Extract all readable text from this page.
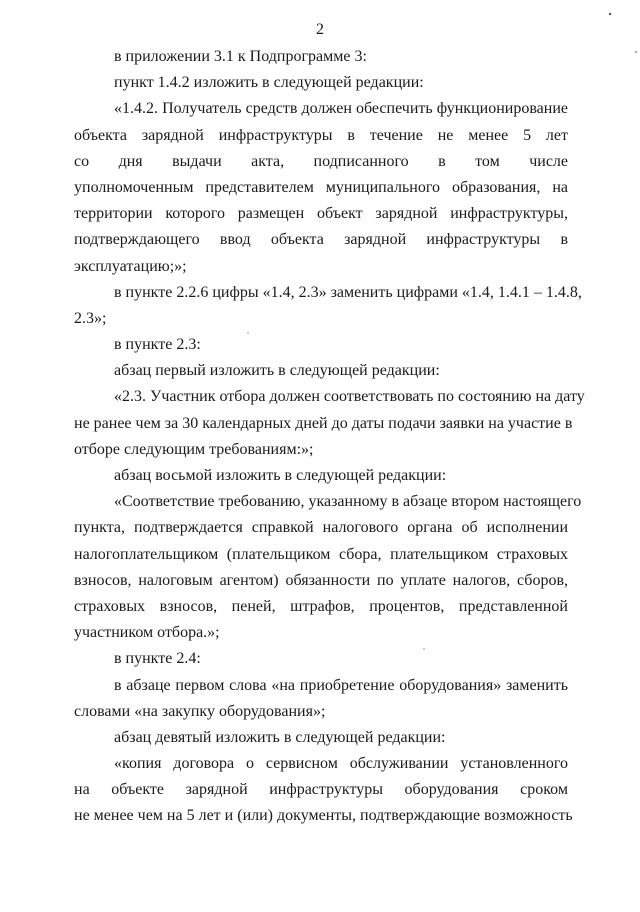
2
в приложении 3.1 к Подпрограмме 3:
пункт 1.4.2 изложить в следующей редакции:
«1.4.2. Получатель средств должен обеспечить функционирование
объекта зарядной инфраструктуры в течение не менее 5 лет
со дня выдачи акта, подписанного в том числе
уполномоченным представителем муниципального образования, на
территории которого размещен объект зарядной инфраструктуры,
подтверждающего ввод объекта зарядной инфраструктуры в
эксплуатацию;»;
в пункте 2.2.6 цифры «1.4, 2.3» заменить цифрами «1.4, 1.4.1 – 1.4.8,
2.3»;
в пункте 2.3:
абзац первый изложить в следующей редакции:
«2.3. Участник отбора должен соответствовать по состоянию на дату
не ранее чем за 30 календарных дней до даты подачи заявки на участие в
отборе следующим требованиям:»;
абзац восьмой изложить в следующей редакции:
«Соответствие требованию, указанному в абзаце втором настоящего
пункта, подтверждается справкой налогового органа об исполнении
налогоплательщиком (плательщиком сбора, плательщиком страховых
взносов, налоговым агентом) обязанности по уплате налогов, сборов,
страховых взносов, пеней, штрафов, процентов, представленной
участником отбора.»;
в пункте 2.4:
в абзаце первом слова «на приобретение оборудования» заменить
словами «на закупку оборудования»;
абзац девятый изложить в следующей редакции:
«копия договора о сервисном обслуживании установленного
на объекте зарядной инфраструктуры оборудования сроком
не менее чем на 5 лет и (или) документы, подтверждающие возможность
